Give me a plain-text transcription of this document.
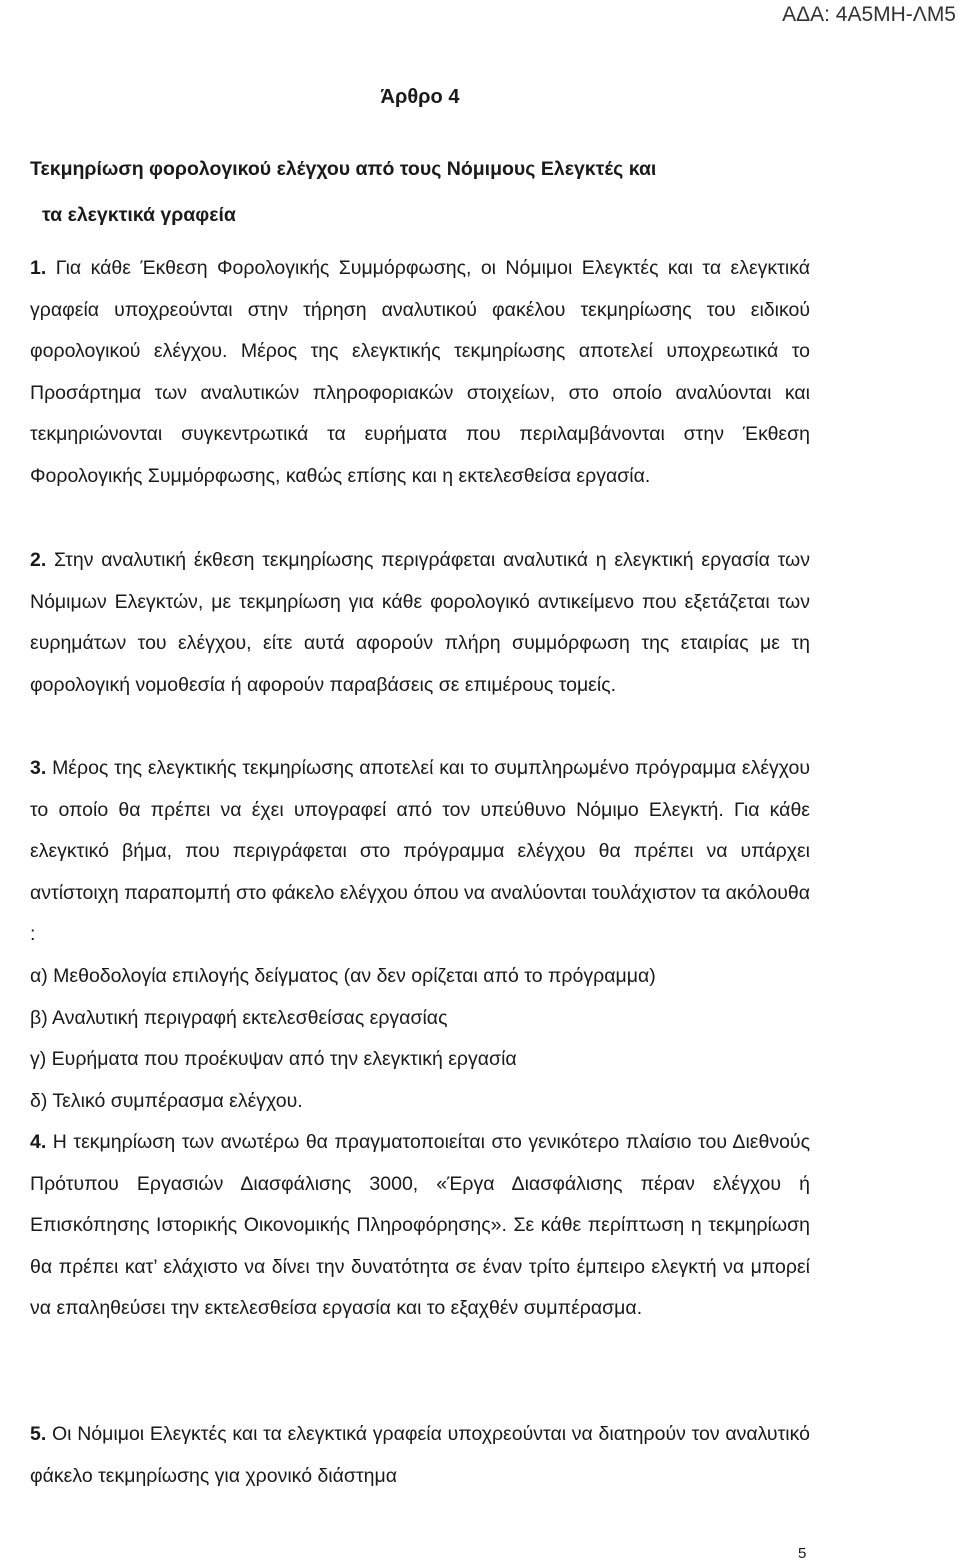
ΑΔΑ: 4Α5ΜΗ-ΛΜ5
Άρθρο 4
Τεκμηρίωση φορολογικού ελέγχου από τους Νόμιμους Ελεγκτές και
τα ελεγκτικά γραφεία
1. Για κάθε Έκθεση Φορολογικής Συμμόρφωσης, οι Νόμιμοι Ελεγκτές και τα ελεγκτικά γραφεία υποχρεούνται στην τήρηση αναλυτικού φακέλου τεκμηρίωσης του ειδικού φορολογικού ελέγχου. Μέρος της ελεγκτικής τεκμηρίωσης αποτελεί υποχρεωτικά το Προσάρτημα των αναλυτικών πληροφοριακών στοιχείων, στο οποίο αναλύονται και τεκμηριώνονται συγκεντρωτικά τα ευρήματα που περιλαμβάνονται στην Έκθεση Φορολογικής Συμμόρφωσης, καθώς επίσης και η εκτελεσθείσα εργασία.
2. Στην αναλυτική έκθεση τεκμηρίωσης περιγράφεται αναλυτικά η ελεγκτική εργασία των Νόμιμων Ελεγκτών, με τεκμηρίωση για κάθε φορολογικό αντικείμενο που εξετάζεται των ευρημάτων του ελέγχου, είτε αυτά αφορούν πλήρη συμμόρφωση της εταιρίας με τη φορολογική νομοθεσία ή αφορούν παραβάσεις σε επιμέρους τομείς.
3. Μέρος της ελεγκτικής τεκμηρίωσης αποτελεί και το συμπληρωμένο πρόγραμμα ελέγχου το οποίο θα πρέπει να έχει υπογραφεί από τον υπεύθυνο Νόμιμο Ελεγκτή. Για κάθε ελεγκτικό βήμα, που περιγράφεται στο πρόγραμμα ελέγχου θα πρέπει να υπάρχει αντίστοιχη παραπομπή στο φάκελο ελέγχου όπου να αναλύονται τουλάχιστον τα ακόλουθα :
α) Μεθοδολογία επιλογής δείγματος (αν δεν ορίζεται από το πρόγραμμα)
β) Αναλυτική περιγραφή εκτελεσθείσας εργασίας
γ) Ευρήματα που προέκυψαν από την ελεγκτική εργασία
δ) Τελικό συμπέρασμα ελέγχου.
4. Η τεκμηρίωση των ανωτέρω θα πραγματοποιείται στο γενικότερο πλαίσιο του Διεθνούς Πρότυπου Εργασιών Διασφάλισης 3000, «Έργα Διασφάλισης πέραν ελέγχου ή Επισκόπησης Ιστορικής Οικονομικής Πληροφόρησης». Σε κάθε περίπτωση η τεκμηρίωση θα πρέπει κατ’ ελάχιστο να δίνει την δυνατότητα σε έναν τρίτο έμπειρο ελεγκτή να μπορεί να επαληθεύσει την εκτελεσθείσα εργασία και το εξαχθέν συμπέρασμα.
5. Οι Νόμιμοι Ελεγκτές και τα ελεγκτικά γραφεία υποχρεούνται να διατηρούν τον αναλυτικό φάκελο τεκμηρίωσης για χρονικό διάστημα
5
